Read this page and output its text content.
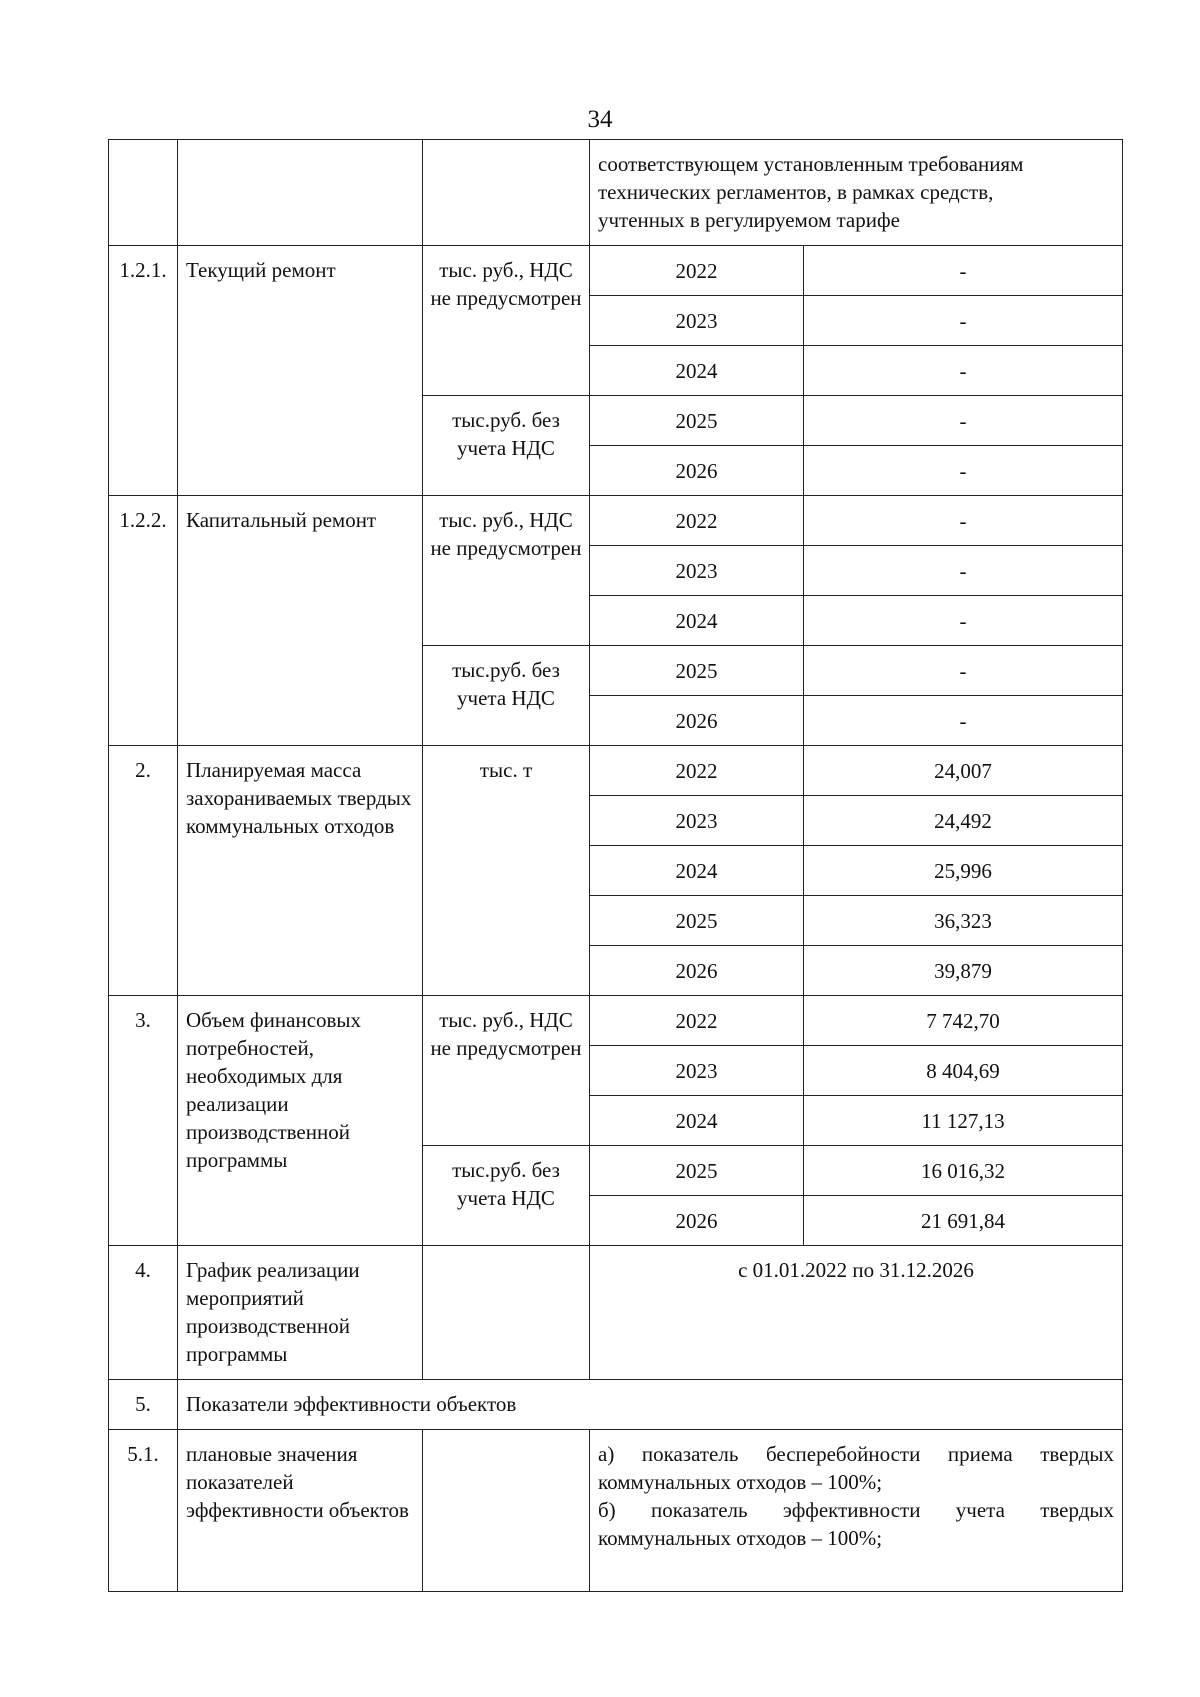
34

			соответствующем установленным требованиям
технических регламентов, в рамках средств,
учтенных в регулируемом тарифе	

1.2.1.	Текущий ремонт	тыс. руб., НДС не предусмотрен	2022	-
			2023	-
			2024	-
		тыс.руб. без учета НДС	2025	-
			2026	-
1.2.2.	Капитальный ремонт	тыс. руб., НДС не предусмотрен	2022	-
			2023	-
			2024	-
		тыс.руб. без учета НДС	2025	-
			2026	-
2.	Планируемая масса захораниваемых твердых коммунальных отходов	тыс. т	2022	24,007
			2023	24,492
			2024	25,996
			2025	36,323
			2026	39,879
3.	Объем финансовых потребностей, необходимых для реализации производственной программы	тыс. руб., НДС не предусмотрен	2022	7 742,70
			2023	8 404,69
			2024	11 127,13
		тыс.руб. без учета НДС	2025	16 016,32
			2026	21 691,84
4.	График реализации мероприятий производственной программы		с 01.01.2022 по 31.12.2026	
5.	Показатели эффективности объектов			
5.1.	плановые значения показателей эффективности объектов		а) показатель бесперебойности приема твердых коммунальных отходов – 100%;
б) показатель эффективности учета твердых
коммунальных отходов – 100%;	
